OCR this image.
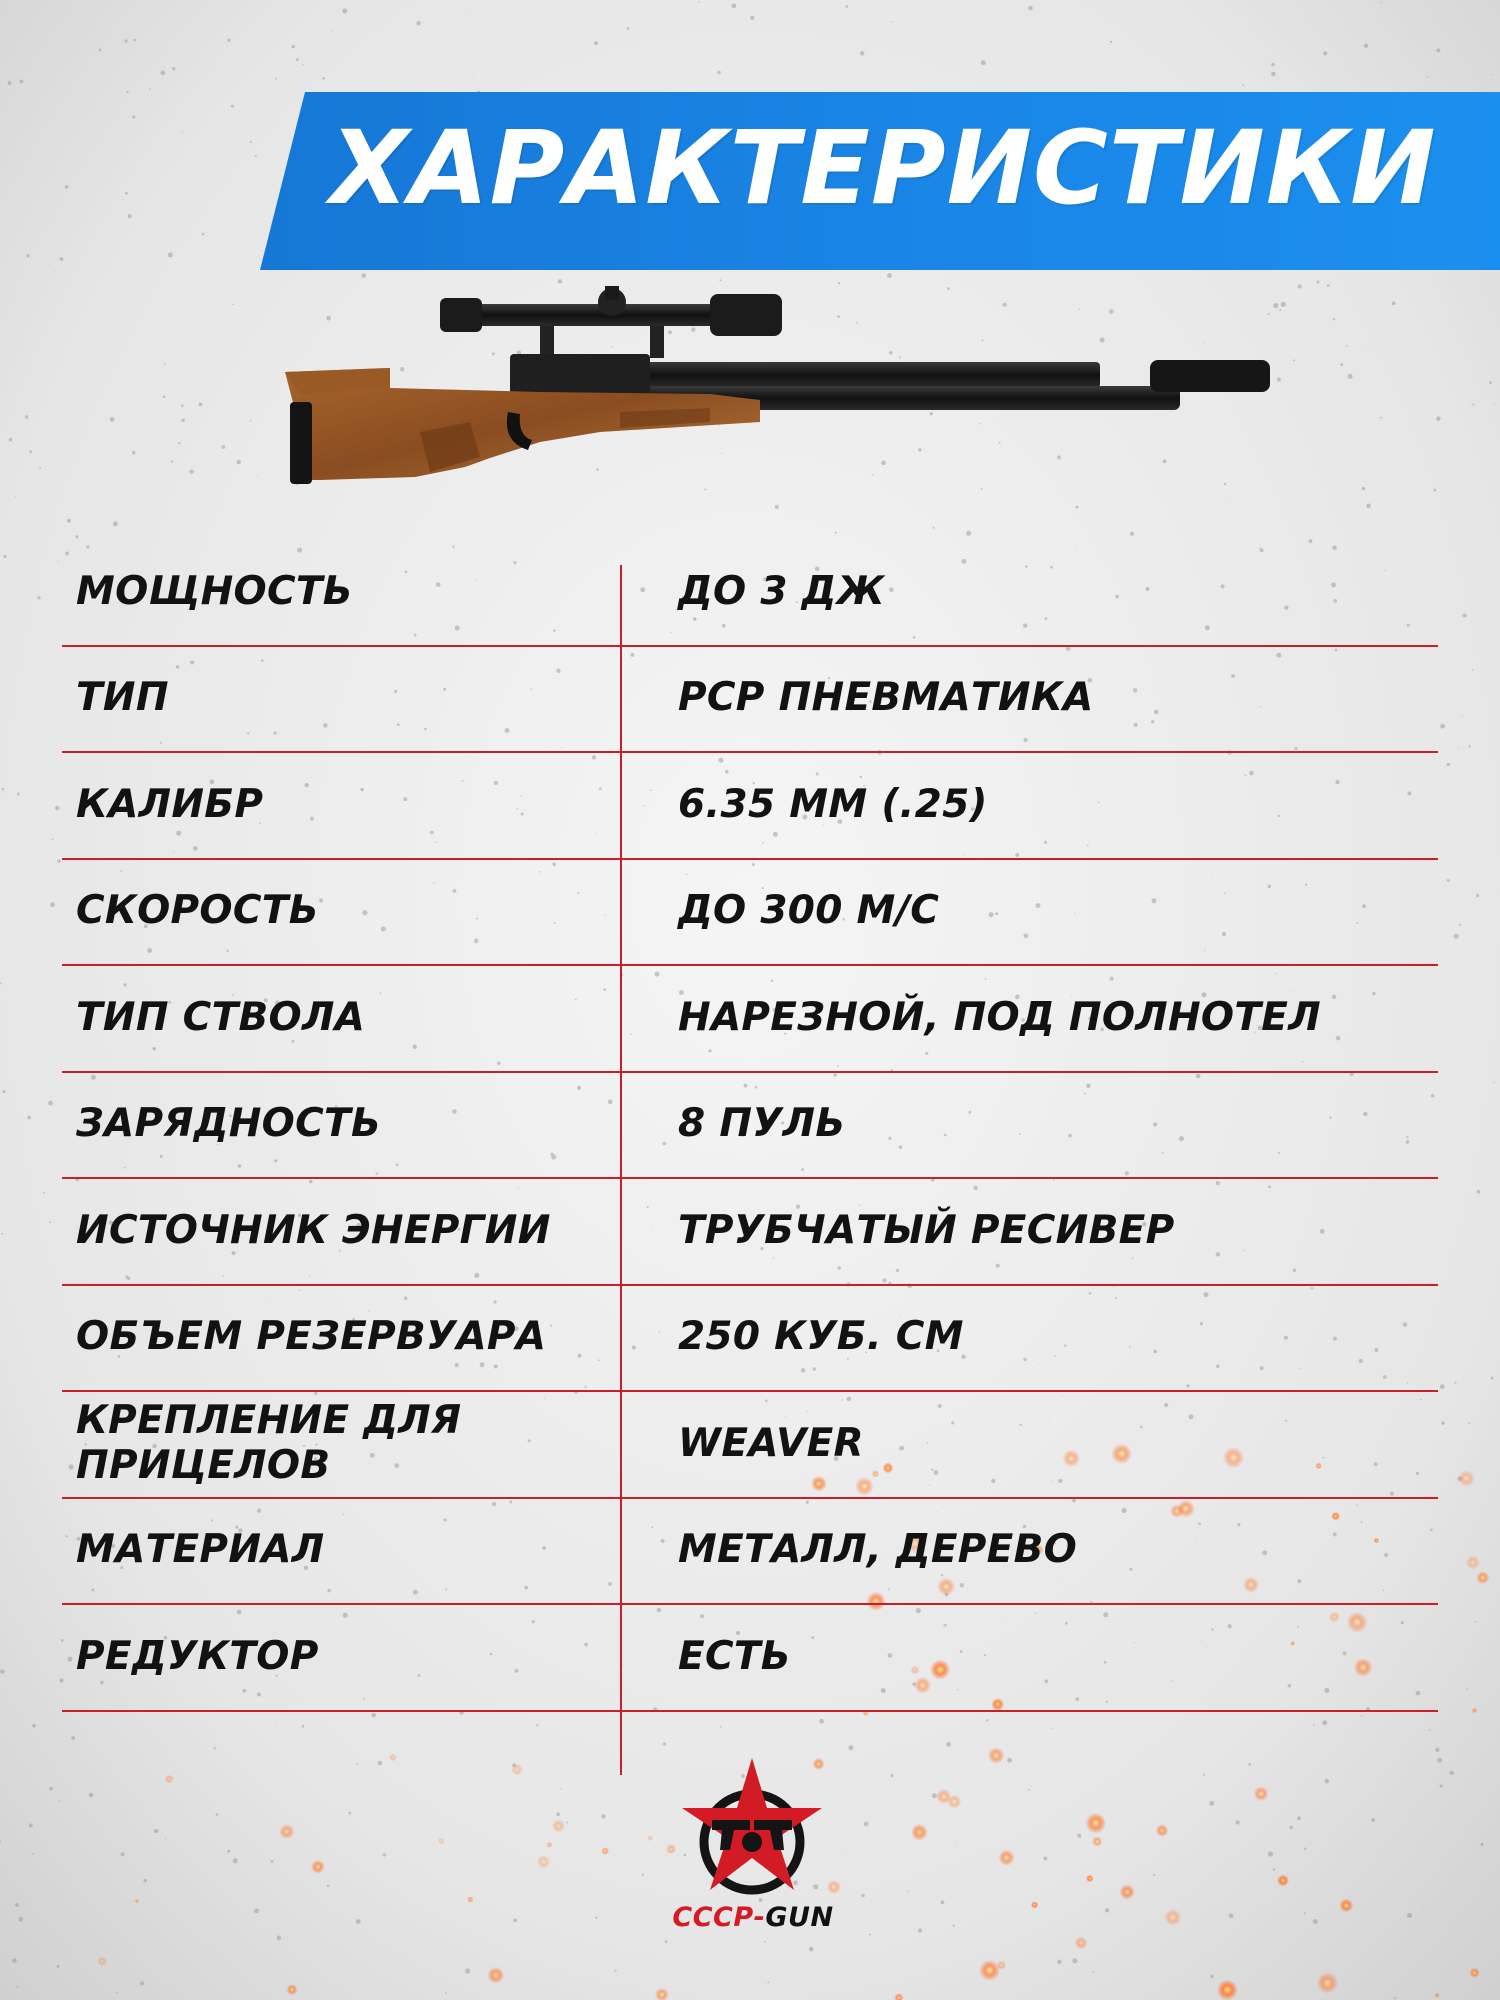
ХАРАКТЕРИСТИКИ
МОЩНОСТЬ	ДО 3 ДЖ
ТИП	PCP ПНЕВМАТИКА
КАЛИБР	6.35 ММ (.25)
СКОРОСТЬ	ДО 300 М/С
ТИП СТВОЛА	НАРЕЗНОЙ, ПОД ПОЛНОТЕЛ
ЗАРЯДНОСТЬ	8 ПУЛЬ
ИСТОЧНИК ЭНЕРГИИ	ТРУБЧАТЫЙ РЕСИВЕР
ОБЪЕМ РЕЗЕРВУАРА	250 КУБ. СМ
КРЕПЛЕНИЕ ДЛЯ ПРИЦЕЛОВ	WEAVER
МАТЕРИАЛ	МЕТАЛЛ, ДЕРЕВО
РЕДУКТОР	ЕСТЬ
СССР-GUN
